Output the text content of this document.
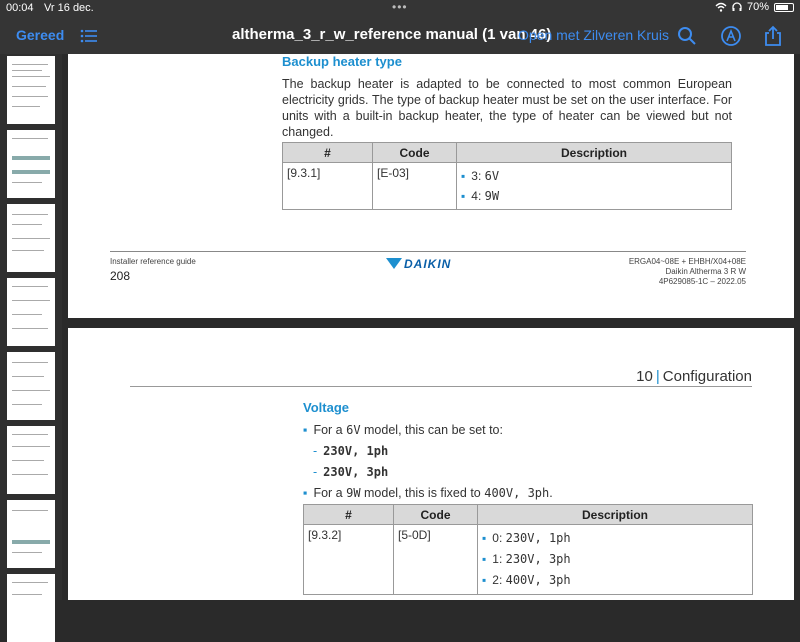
00:04 Vr 16 dec.	•••	70%
Gereed	altherma_3_r_w_reference manual (1 van 46)
Open met Zilveren Kruis
Backup heater type
The backup heater is adapted to be connected to most common European electricity grids. The type of backup heater must be set on the user interface. For units with a built-in backup heater, the type of heater can be viewed but not changed.
#	Code	Description
[9.3.1]	[E-03]	▪ 3: 6V
▪ 4: 9W
Installer reference guide
208
DAIKIN	ERGA04~08E + EHBH/X04+08E
Daikin Altherma 3 R W
4P629085-1C – 2022.05
10 | Configuration
Voltage
▪ For a 6V model, this can be set to:
- 230V, 1ph
- 230V, 3ph
▪ For a 9W model, this is fixed to 400V, 3ph.
#	Code	Description
[9.3.2]	[5-0D]	▪ 0: 230V, 1ph
▪ 1: 230V, 3ph
▪ 2: 400V, 3ph
